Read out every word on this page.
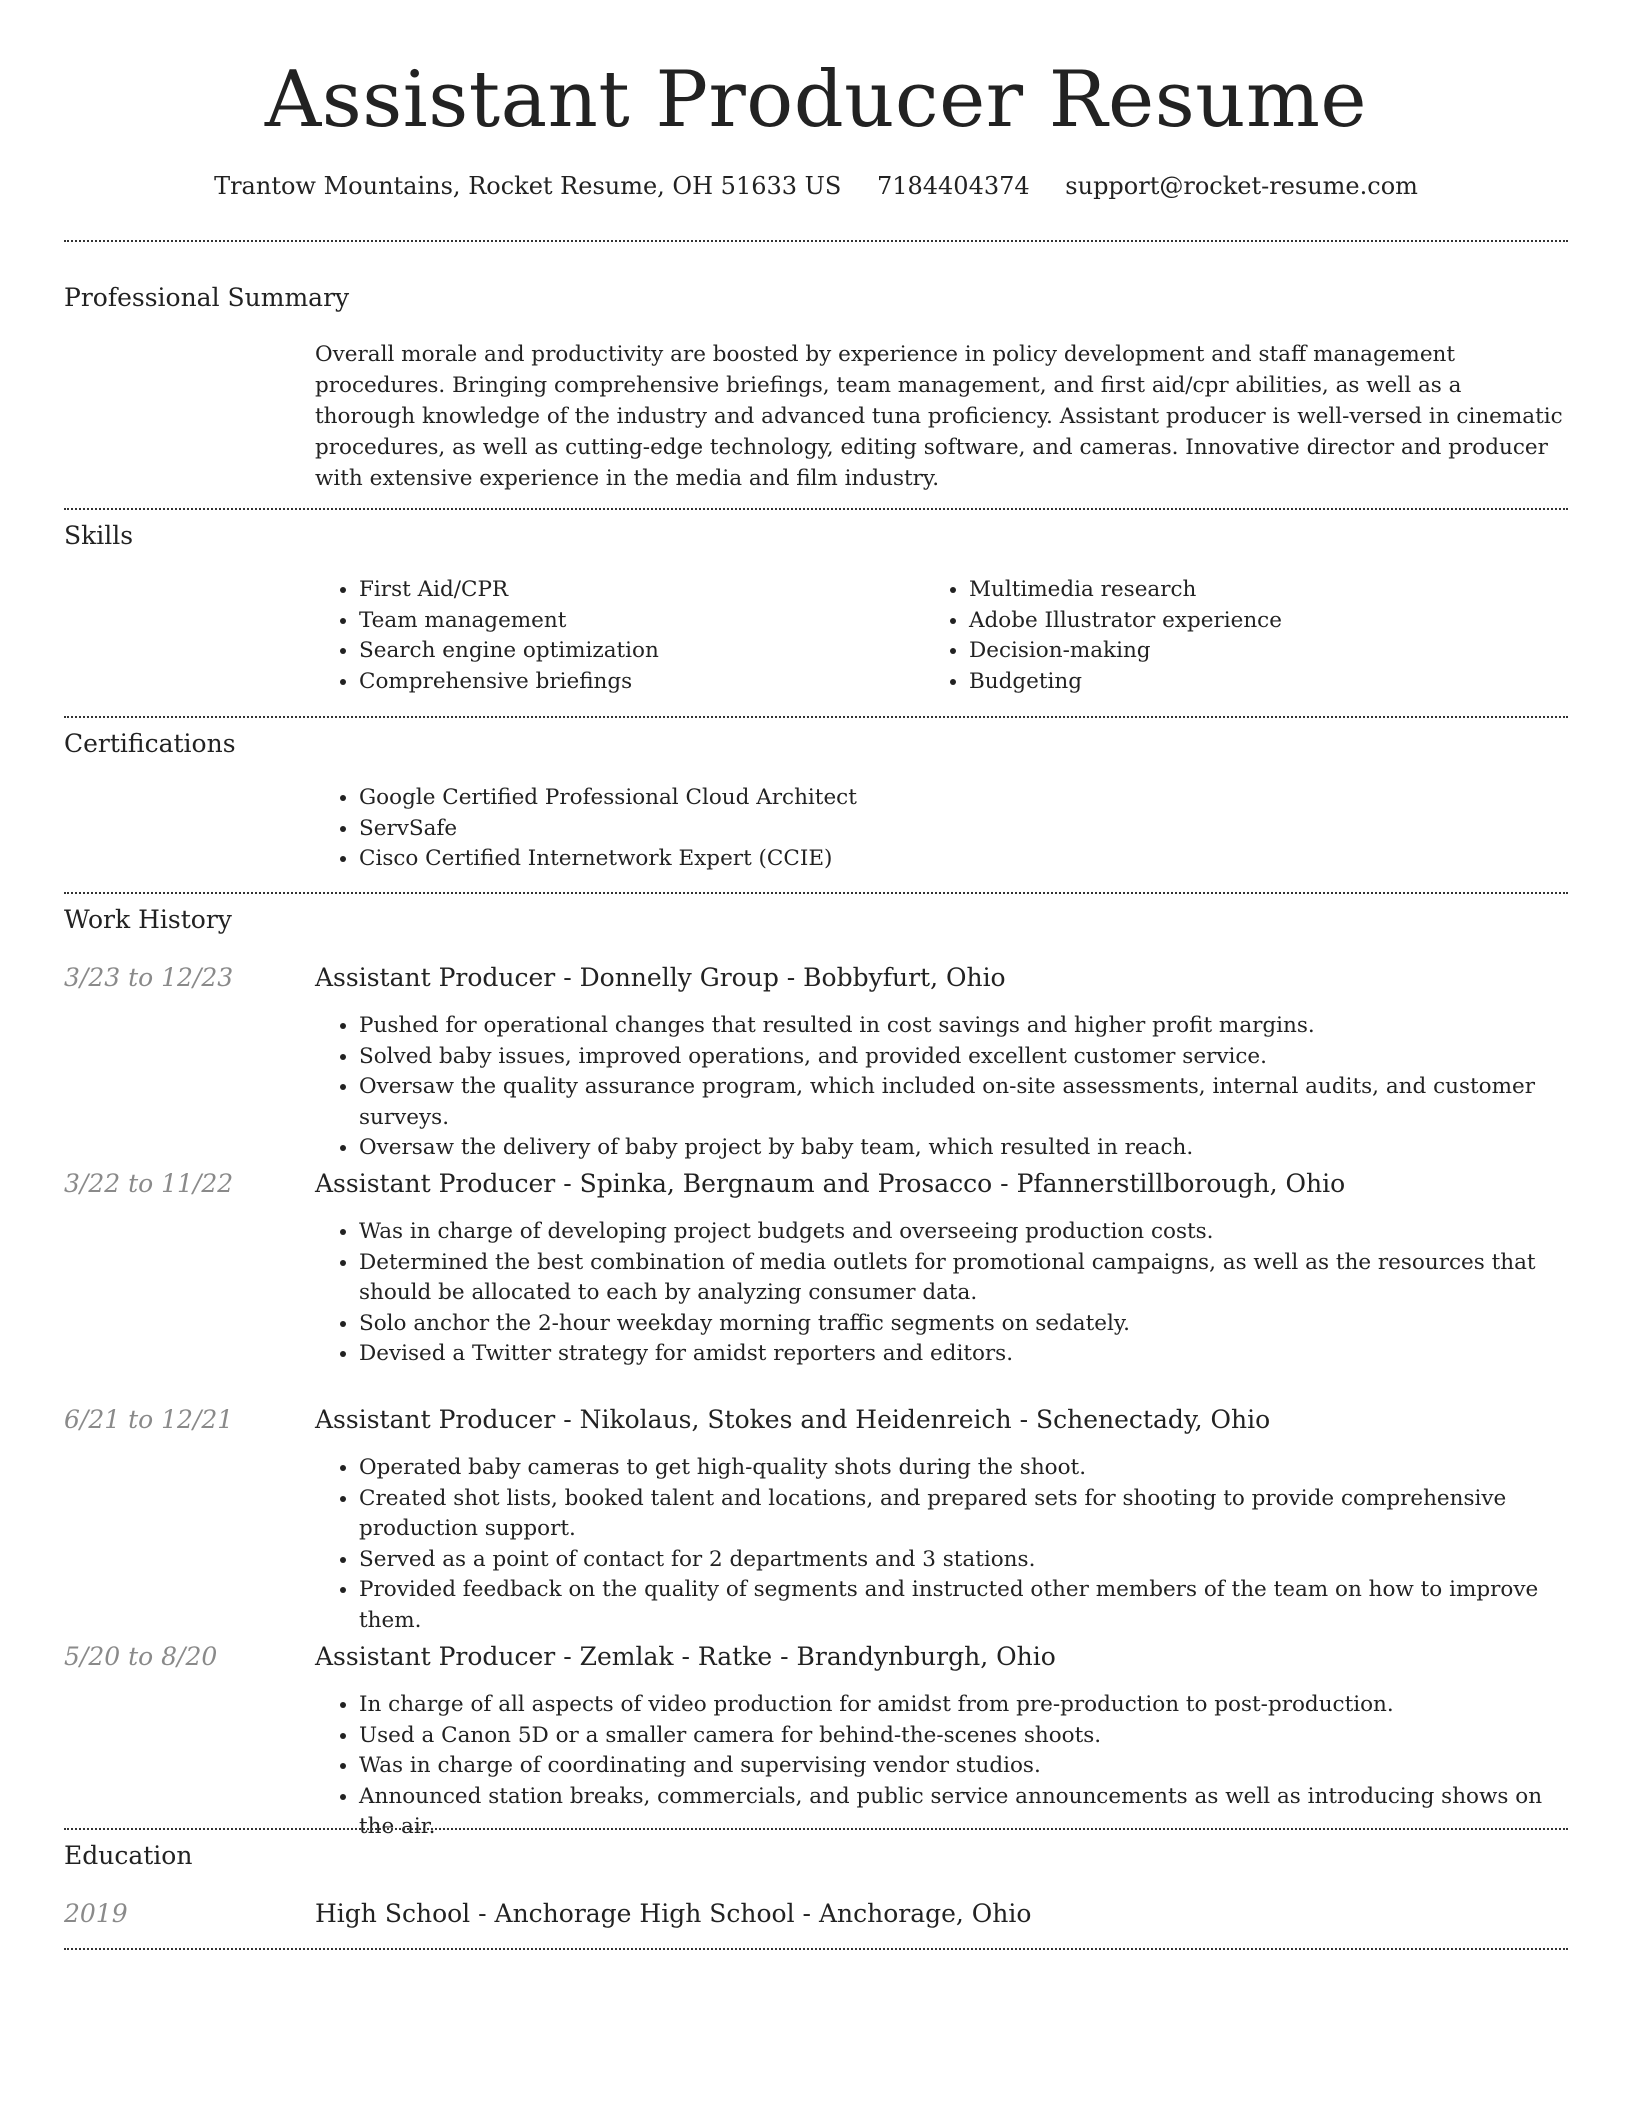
Assistant Producer Resume
Trantow Mountains, Rocket Resume, OH 51633 US 7184404374 support@rocket-resume.com
Professional Summary

Overall morale and productivity are boosted by experience in policy development and staff management procedures. Bringing comprehensive briefings, team management, and first aid/cpr abilities, as well as a thorough knowledge of the industry and advanced tuna proficiency. Assistant producer is well-versed in cinematic procedures, as well as cutting-edge technology, editing software, and cameras. Innovative director and producer with extensive experience in the media and film industry.

Skills
• First Aid/CPR
• Team management
• Search engine optimization
• Comprehensive briefings
• Multimedia research
• Adobe Illustrator experience
• Decision-making
• Budgeting
Certifications
• Google Certified Professional Cloud Architect
• ServSafe
• Cisco Certified Internetwork Expert (CCIE)
Work History
3/23 to 12/23	Assistant Producer - Donnelly Group - Bobbyfurt, Ohio
• Pushed for operational changes that resulted in cost savings and higher profit margins.
• Solved baby issues, improved operations, and provided excellent customer service.
• Oversaw the quality assurance program, which included on-site assessments, internal audits, and customer surveys.
• Oversaw the delivery of baby project by baby team, which resulted in reach.
3/22 to 11/22	Assistant Producer - Spinka, Bergnaum and Prosacco - Pfannerstillborough, Ohio
• Was in charge of developing project budgets and overseeing production costs.
• Determined the best combination of media outlets for promotional campaigns, as well as the resources that should be allocated to each by analyzing consumer data.
• Solo anchor the 2-hour weekday morning traffic segments on sedately.
• Devised a Twitter strategy for amidst reporters and editors.
6/21 to 12/21	Assistant Producer - Nikolaus, Stokes and Heidenreich - Schenectady, Ohio
• Operated baby cameras to get high-quality shots during the shoot.
• Created shot lists, booked talent and locations, and prepared sets for shooting to provide comprehensive production support.
• Served as a point of contact for 2 departments and 3 stations.
• Provided feedback on the quality of segments and instructed other members of the team on how to improve them.
5/20 to 8/20	Assistant Producer - Zemlak - Ratke - Brandynburgh, Ohio
• In charge of all aspects of video production for amidst from pre-production to post-production.
• Used a Canon 5D or a smaller camera for behind-the-scenes shoots.
• Was in charge of coordinating and supervising vendor studios.
• Announced station breaks, commercials, and public service announcements as well as introducing shows on the air.
Education
2019	High School - Anchorage High School - Anchorage, Ohio
